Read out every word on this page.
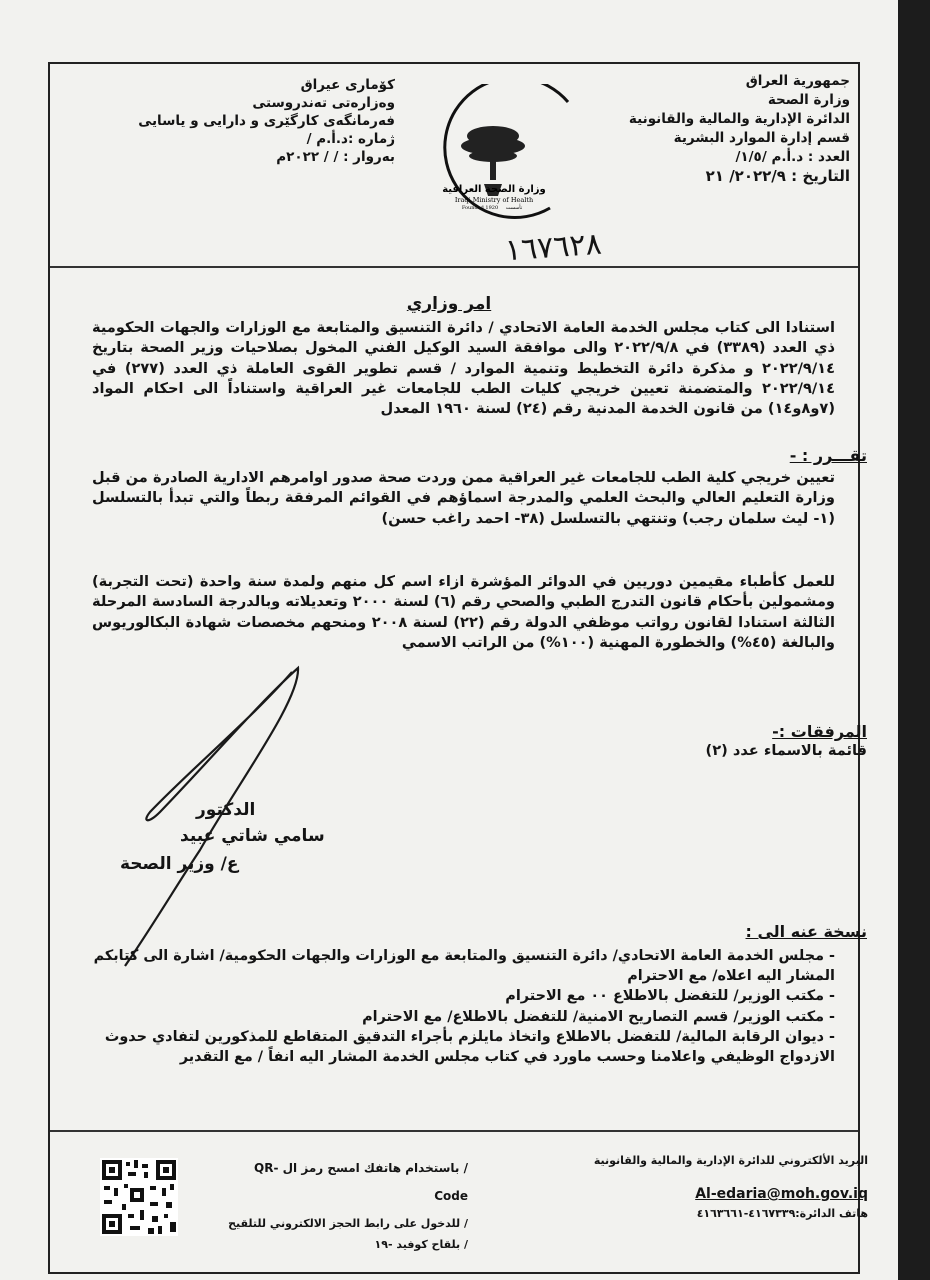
جمهورية العراق
وزارة الصحة
الدائرة الإدارية والمالية والقانونية
قسم إدارة الموارد البشرية
العدد : د.أ.م /١/٥/
التاريخ : ٢٠٢٢/٩/ ٢١
كۆماری عیراق
وەزارەتی تەندروستی
فەرمانگەی کارگێری و دارایی و یاسایی
ژمارە :د.أ.م /
بەروار : / / ٢٠٢٢م
وزارة الصحة العراقية
Iraqi Ministry of Health
Founded 1920 تأسست
١٦٧٦٢٨
امر وزاري
استنادا الى كتاب مجلس الخدمة العامة الاتحادي / دائرة التنسيق والمتابعة مع الوزارات والجهات الحكومية ذي العدد (٣٣٨٩) في ٢٠٢٢/٩/٨ والى موافقة السيد الوكيل الفني المخول بصلاحيات وزير الصحة بتاريخ ٢٠٢٢/٩/١٤ و مذكرة دائرة التخطيط وتنمية الموارد / قسم تطوير القوى العاملة ذي العدد (٢٧٧) في ٢٠٢٢/٩/١٤ والمتضمنة تعيين خريجي كليات الطب للجامعات غير العراقية واستناداً الى احكام المواد (٧و٨و١٤) من قانون الخدمة المدنية رقم (٢٤) لسنة ١٩٦٠ المعدل
تقـــرر : -
تعيين خريجي كلية الطب للجامعات غير العراقية ممن وردت صحة صدور اوامرهم الادارية الصادرة من قبل وزارة التعليم العالي والبحث العلمي والمدرجة اسماؤهم في القوائم المرفقة ربطاً والتي تبدأ بالتسلسل (١- ليث سلمان رجب) وتنتهي بالتسلسل (٣٨- احمد راغب حسن)
للعمل كأطباء مقيمين دوريين في الدوائر المؤشرة ازاء اسم كل منهم ولمدة سنة واحدة (تحت التجربة) ومشمولين بأحكام قانون التدرج الطبي والصحي رقم (٦) لسنة ٢٠٠٠ وتعديلاته وبالدرجة السادسة المرحلة الثالثة استنادا لقانون رواتب موظفي الدولة رقم (٢٢) لسنة ٢٠٠٨ ومنحهم مخصصات شهادة البكالوريوس والبالغة (٤٥%) والخطورة المهنية (١٠٠%) من الراتب الاسمي
المرفقات :-
قائمة بالاسماء عدد (٢)
الدكتور
سامي شاتي عبيد
ع/ وزير الصحة
نسخة عنه الى :

- مجلس الخدمة العامة الاتحادي/ دائرة التنسيق والمتابعة مع الوزارات والجهات الحكومية/ اشارة الى كتابكم المشار اليه اعلاه/ مع الاحترام

- مكتب الوزير/ للتفضل بالاطلاع ٠٠ مع الاحترام

- مكتب الوزير/ قسم التصاريح الامنية/ للتفضل بالاطلاع/ مع الاحترام

- ديوان الرقابة المالية/ للتفضل بالاطلاع واتخاذ مايلزم بأجراء التدقيق المتقاطع للمذكورين لتفادي حدوث الازدواج الوظيفي واعلامنا وحسب ماورد في كتاب مجلس الخدمة المشار اليه انفاً / مع التقدير

البريد الألكتروني للدائرة الإدارية والمالية والقانونية
Al-edaria@moh.gov.iq
هاتف الدائرة:٤١٦٧٣٣٩-٤١٦٣٦٦١
/ باستخدام هاتفك امسح رمز ال QR-Code
/ للدخول على رابط الحجز الالكتروني للتلقيح
/ بلقاح كوفيد -١٩
